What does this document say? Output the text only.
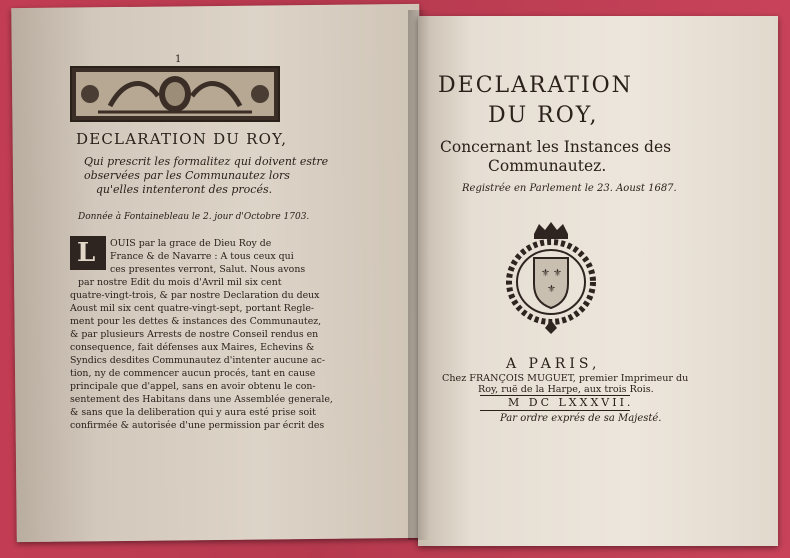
1
DECLARATION DU ROY,
Qui prescrit les formalitez qui doivent estre
observées par les Communautez lors
qu'elles intenteront des procés.
Donnée à Fontainebleau le 2. jour d'Octobre 1703.
L OUIS par la grace de Dieu Roy de
France & de Navarre : A tous ceux qui
ces presentes verront, Salut. Nous avons
par nostre Edit du mois d'Avril mil six cent
quatre-vingt-trois, & par nostre Declaration du deux
Aoust mil six cent quatre-vingt-sept, portant Regle-
ment pour les dettes & instances des Communautez,
& par plusieurs Arrests de nostre Conseil rendus en
consequence, fait défenses aux Maires, Echevins &
Syndics desdites Communautez d'intenter aucune ac-
tion, ny de commencer aucun procés, tant en cause
principale que d'appel, sans en avoir obtenu le con-
sentement des Habitans dans une Assemblée generale,
& sans que la deliberation qui y aura esté prise soit
confirmée & autorisée d'une permission par écrit des
DECLARATION
DU ROY,
Concernant les Instances des
Communautez.
Registrée en Parlement le 23. Aoust 1687.
⚜ ⚜
⚜
A PARIS,
Chez FRANÇOIS MUGUET, premier Imprimeur du
Roy, ruë de la Harpe, aux trois Rois.
M DC LXXXVII.
Par ordre exprés de sa Majesté.
